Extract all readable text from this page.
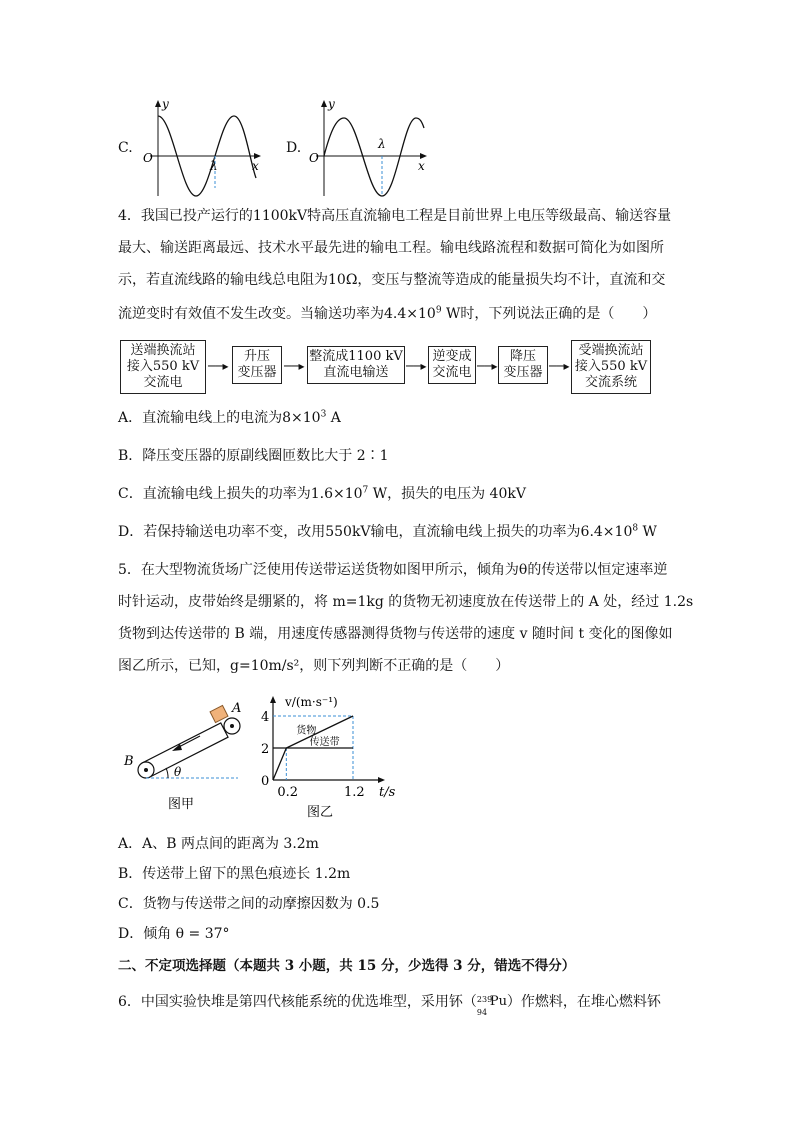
C.
y
x
O
λ
D.
y
x
O
λ
4．我国已投产运行的1100kV特高压直流输电工程是目前世界上电压等级最高、输送容量
最大、输送距离最远、技术水平最先进的输电工程。输电线路流程和数据可简化为如图所
示，若直流线路的输电线总电阻为10Ω，变压与整流等造成的能量损失均不计，直流和交
流逆变时有效值不发生改变。当输送功率为$4.4\times 10^9$ W时，下列说法正确的是（　　）
送端换流站
接入550 kV
交流电
──▸
升压
变压器 ──▸
整流成1100 kV
直流电输送 ──▸
逆变成
交流电 ──▸
降压
变压器 ──▸
受端换流站
接入550 kV
交流系统
A．直流输电线上的电流为$8\times 10^3$ A
B．降压变压器的原副线圈匝数比大于 2∶1
C．直流输电线上损失的功率为$1.6\times 10^7$ W，损失的电压为 40kV
D．若保持输送电功率不变，改用550kV输电，直流输电线上损失的功率为$6.4\times 10^8$ W
5．在大型物流货场广泛使用传送带运送货物如图甲所示，倾角为θ的传送带以恒定速率逆
时针运动，皮带始终是绷紧的，将 m=1kg 的货物无初速度放在传送带上的 A 处，经过 1.2s
货物到达传送带的 B 端，用速度传感器测得货物与传送带的速度 v 随时间 t 变化的图像如
图乙所示，已知，g=10m/s²，则下列判断不正确的是（　　）
A
B
θ
图甲
货物
传送带
2
4
0.2	1.2
0
v/(m·s⁻¹)
t/s
图乙
A．A、B 两点间的距离为 3.2m
B．传送带上留下的黑色痕迹长 1.2m
C．货物与传送带之间的动摩擦因数为 0.5
D．倾角 θ = 37°
二、不定项选择题（本题共 3 小题，共 15 分，少选得 3 分，错选不得分）
6．中国实验快堆是第四代核能系统的优选堆型，采用钚（ 239
94
Pu ）作燃料，在堆心燃料钚
